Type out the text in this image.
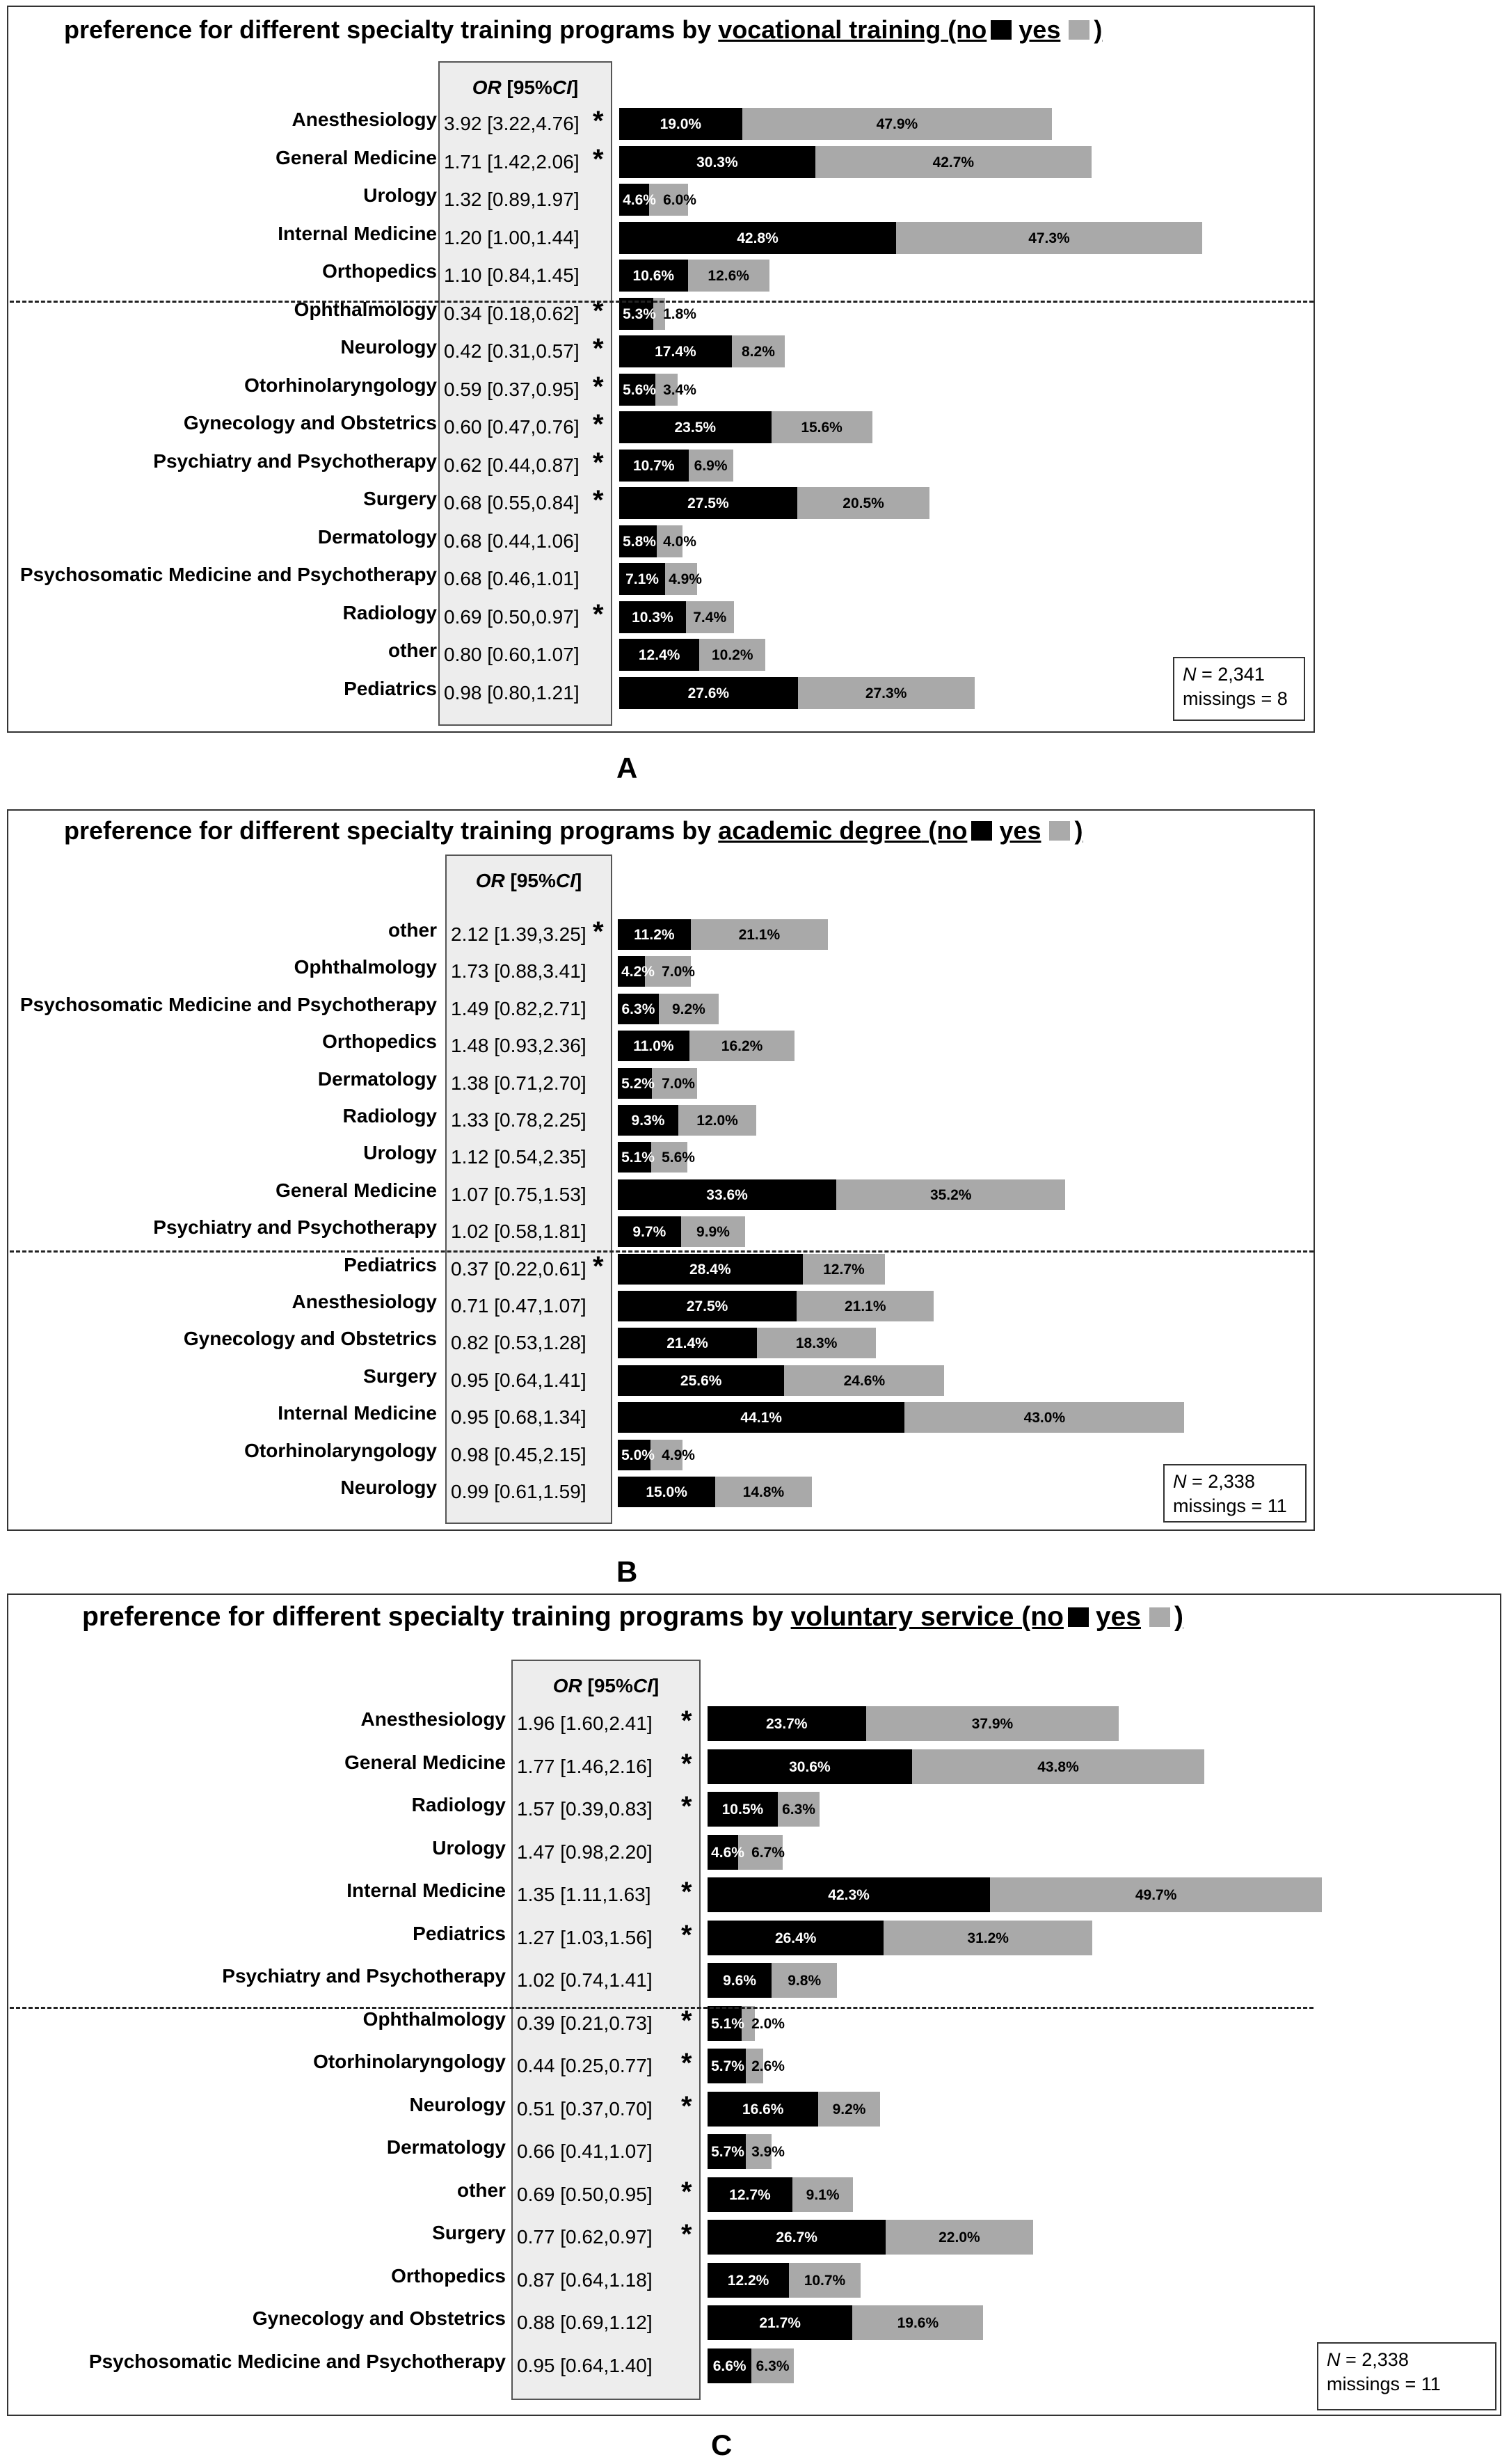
preference for different specialty training programs by vocational training (no yes )
OR [95%CI]
Anesthesiology 3.92 [3.22,4.76] *	19.0%	47.9%
General Medicine 1.71 [1.42,2.06] *	30.3%	42.7%
Urology 1.32 [0.89,1.97]	4.6% 6.0%
Internal Medicine 1.20 [1.00,1.44]	42.8%	47.3%
Orthopedics 1.10 [0.84,1.45]	10.6%	12.6%
Ophthalmology 0.34 [0.18,0.62] * 5.3% 1.8%
Neurology 0.42 [0.31,0.57] *	17.4%	8.2%
Otorhinolaryngology 0.59 [0.37,0.95] * 5.6% 3.4%
Gynecology and Obstetrics 0.60 [0.47,0.76] *	23.5%	15.6%
Psychiatry and Psychotherapy 0.62 [0.44,0.87] *	10.7%	6.9%
Surgery 0.68 [0.55,0.84] *	27.5%	20.5%
Dermatology 0.68 [0.44,1.06]	5.8% 4.0%
Psychosomatic Medicine and Psychotherapy 0.68 [0.46,1.01]	7.1% 4.9%
Radiology 0.69 [0.50,0.97] *	10.3%	7.4%
other 0.80 [0.60,1.07]	12.4%	10.2%
Pediatrics 0.98 [0.80,1.21]	27.6%	27.3%
N = 2,341
missings = 8
A
preference for different specialty training programs by academic degree (no yes )
OR [95%CI]
other 2.12 [1.39,3.25] *	11.2%	21.1%
Ophthalmology 1.73 [0.88,3.41] 4.2% 7.0%
Psychosomatic Medicine and Psychotherapy 1.49 [0.82,2.71] 6.3%	9.2%
Orthopedics 1.48 [0.93,2.36]	11.0%	16.2%
Dermatology 1.38 [0.71,2.70] 5.2% 7.0%
Radiology 1.33 [0.78,2.25]	9.3%	12.0%
Urology 1.12 [0.54,2.35] 5.1% 5.6%
General Medicine 1.07 [0.75,1.53]	33.6%	35.2%
Psychiatry and Psychotherapy 1.02 [0.58,1.81]	9.7%	9.9%
Pediatrics 0.37 [0.22,0.61] *	28.4%	12.7%
Anesthesiology 0.71 [0.47,1.07]	27.5%	21.1%
Gynecology and Obstetrics 0.82 [0.53,1.28]	21.4%	18.3%
Surgery 0.95 [0.64,1.41]	25.6%	24.6%
Internal Medicine 0.95 [0.68,1.34]	44.1%	43.0%
Otorhinolaryngology 0.98 [0.45,2.15] 5.0% 4.9%
Neurology 0.99 [0.61,1.59]	15.0%	14.8%
N = 2,338
missings = 11
B
preference for different specialty training programs by voluntary service (no yes )
OR [95%CI]
Anesthesiology 1.96 [1.60,2.41] *	23.7%	37.9%
General Medicine 1.77 [1.46,2.16] *	30.6%	43.8%
Radiology 1.57 [0.39,0.83] *	10.5%	6.3%
Urology 1.47 [0.98,2.20]	4.6% 6.7%
Internal Medicine 1.35 [1.11,1.63] *	42.3%	49.7%
Pediatrics 1.27 [1.03,1.56] *	26.4%	31.2%
Psychiatry and Psychotherapy 1.02 [0.74,1.41]	9.6%	9.8%
Ophthalmology 0.39 [0.21,0.73] * 5.1% 2.0%
Otorhinolaryngology 0.44 [0.25,0.77] * 5.7% 2.6%
Neurology 0.51 [0.37,0.70] *	16.6%	9.2%
Dermatology 0.66 [0.41,1.07]	5.7% 3.9%
other 0.69 [0.50,0.95] *	12.7%	9.1%
Surgery 0.77 [0.62,0.97] *	26.7%	22.0%
Orthopedics 0.87 [0.64,1.18]	12.2%	10.7%
Gynecology and Obstetrics 0.88 [0.69,1.12]	21.7%	19.6%
Psychosomatic Medicine and Psychotherapy 0.95 [0.64,1.40]	6.6% 6.3%	N = 2,338
missings = 11
C
